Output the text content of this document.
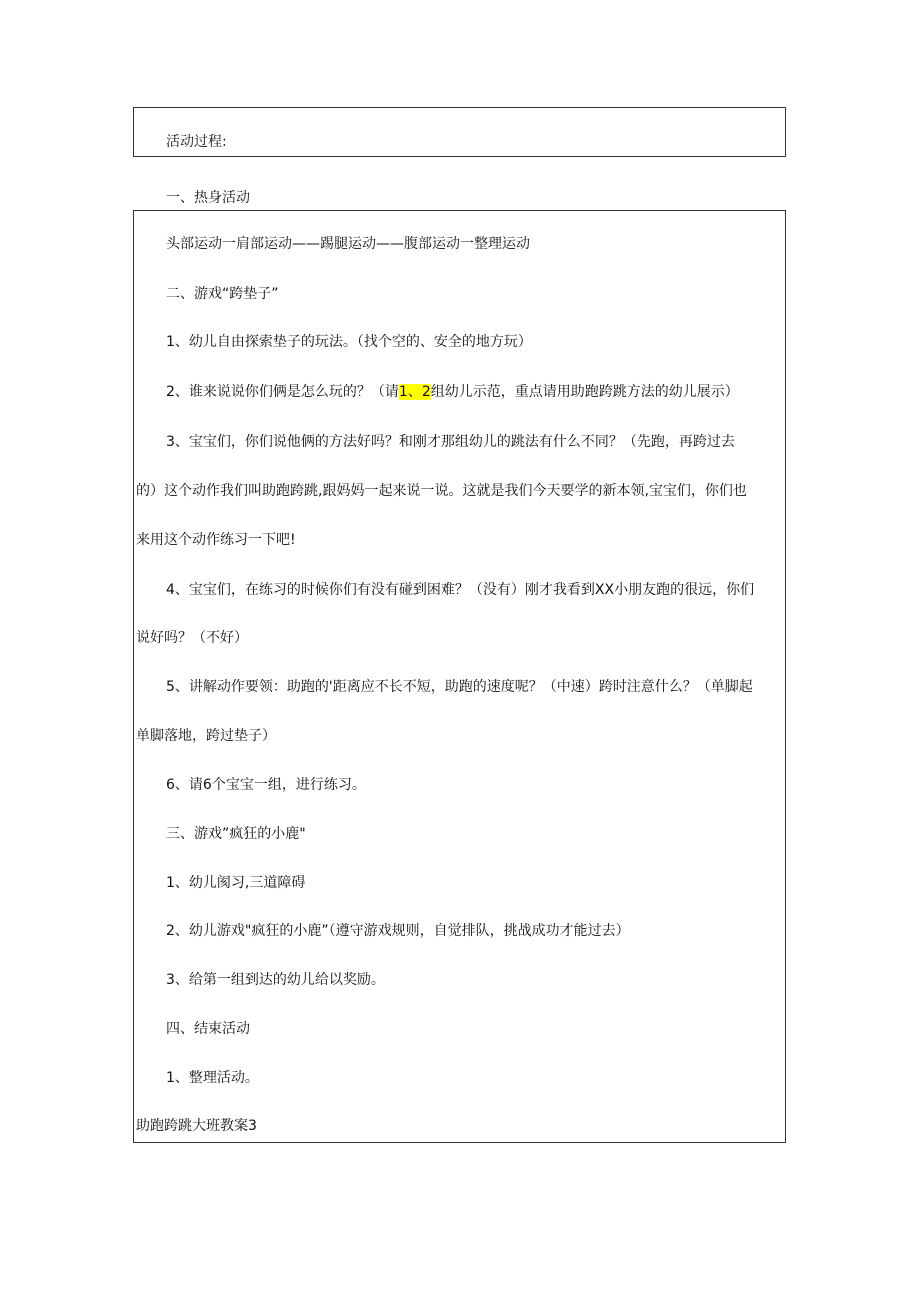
活动过程:
一、热身活动
头部运动一肩部运动——踢腿运动——腹部运动一整理运动
二、游戏“跨垫子”
1、幼儿自由探索垫子的玩法。（找个空的、安全的地方玩）
2、谁来说说你们俩是怎么玩的？（请1、2组幼儿示范，重点请用助跑跨跳方法的幼儿展示）
3、宝宝们，你们说他俩的方法好吗？和刚才那组幼儿的跳法有什么不同？（先跑，再跨过去
的）这个动作我们叫助跑跨跳,跟妈妈一起来说一说。这就是我们今天要学的新本领,宝宝们，你们也
来用这个动作练习一下吧!
4、宝宝们，在练习的时候你们有没有碰到困难？（没有）刚才我看到XX小朋友跑的很远，你们
说好吗？（不好）
5、讲解动作要领：助跑的'距离应不长不短，助跑的速度呢？（中速）跨时注意什么？（单脚起
单脚落地，跨过垫子）
6、请6个宝宝一组，进行练习。
三、游戏”疯狂的小鹿"
1、幼儿阂习,三道障碍
2、幼儿游戏"疯狂的小鹿”（遵守游戏规则，自觉排队，挑战成功才能过去）
3、给第一组到达的幼儿给以奖励。
四、结束活动
1、整理活动。
助跑跨跳大班教案3
